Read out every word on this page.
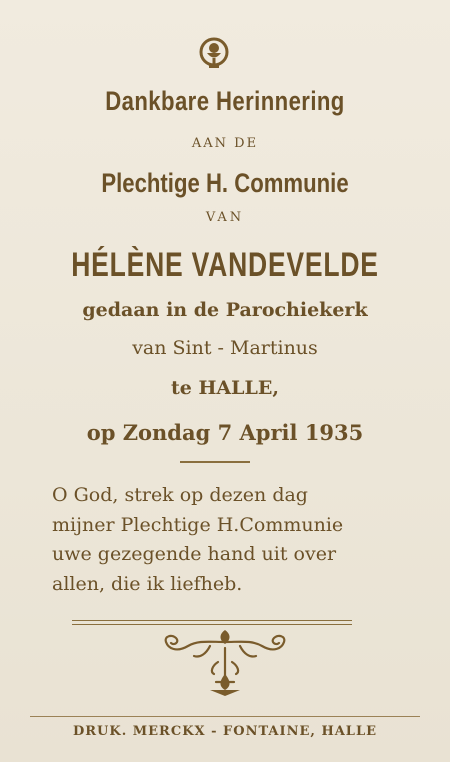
Dankbare Herinnering
AAN DE
Plechtige H. Communie
VAN
HÉLÈNE VANDEVELDE
gedaan in de Parochiekerk
van Sint - Martinus
te HALLE,
op Zondag 7 April 1935
O God, strek op dezen dag
mijner Plechtige H.Communie
uwe gezegende hand uit over
allen, die ik liefheb.
DRUK. MERCKX - FONTAINE, HALLE
